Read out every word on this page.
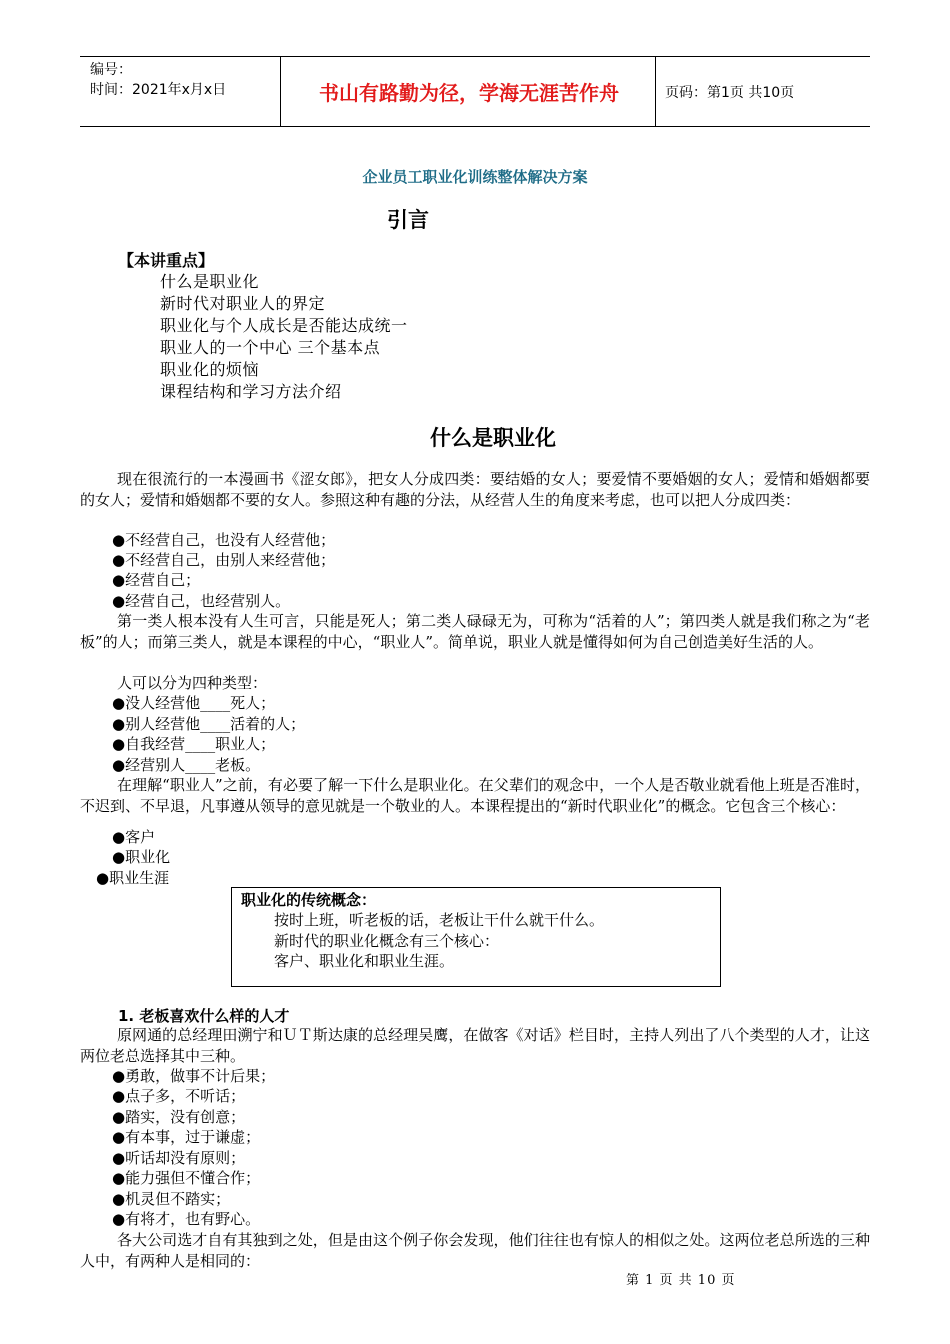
编号：
时间：2021年x月x日	书山有路勤为径，学海无涯苦作舟	页码：第1页 共10页
企业员工职业化训练整体解决方案
引言
【本讲重点】
什么是职业化
新时代对职业人的界定
职业化与个人成长是否能达成统一
职业人的一个中心 三个基本点
职业化的烦恼
课程结构和学习方法介绍
什么是职业化

现在很流行的一本漫画书《涩女郎》，把女人分成四类：要结婚的女人；要爱情不要婚姻的女人；爱情和婚姻都要的女人；爱情和婚姻都不要的女人。参照这种有趣的分法，从经营人生的角度来考虑，也可以把人分成四类：

●不经营自己，也没有人经营他；
●不经营自己，由别人来经营他；
●经营自己；
●经营自己，也经营别人。

第一类人根本没有人生可言，只能是死人；第二类人碌碌无为，可称为“活着的人”；第四类人就是我们称之为“老板”的人；而第三类人，就是本课程的中心，“职业人”。简单说，职业人就是懂得如何为自己创造美好生活的人。

人可以分为四种类型：

●没人经营他____死人；
●别人经营他____活着的人；
●自我经营____职业人；
●经营别人____老板。

在理解“职业人”之前，有必要了解一下什么是职业化。在父辈们的观念中，一个人是否敬业就看他上班是否准时，不迟到、不早退，凡事遵从领导的意见就是一个敬业的人。本课程提出的“新时代职业化”的概念。它包含三个核心：

●客户
●职业化
●职业生涯
职业化的传统概念：
按时上班，听老板的话，老板让干什么就干什么。
新时代的职业化概念有三个核心：
客户、职业化和职业生涯。
1. 老板喜欢什么样的人才

原网通的总经理田溯宁和ＵＴ斯达康的总经理吴鹰，在做客《对话》栏目时，主持人列出了八个类型的人才，让这两位老总选择其中三种。

●勇敢，做事不计后果；
●点子多，不听话；
●踏实，没有创意；
●有本事，过于谦虚；
●听话却没有原则；
●能力强但不懂合作；
●机灵但不踏实；
●有将才，也有野心。

各大公司选才自有其独到之处，但是由这个例子你会发现，他们往往也有惊人的相似之处。这两位老总所选的三种人中，有两种人是相同的：

第 1 页 共 10 页
